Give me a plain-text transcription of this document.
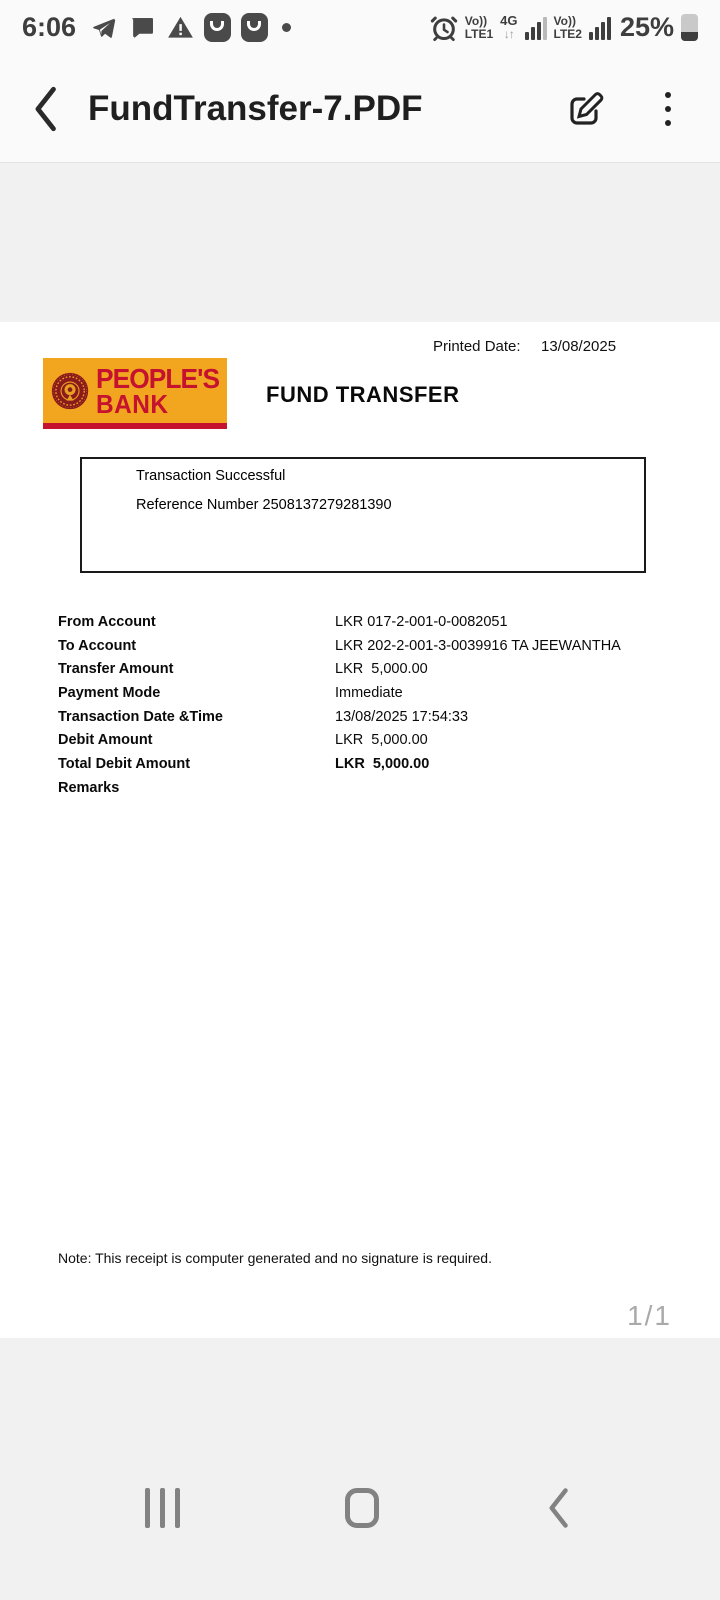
6:06	Vo))
LTE1
4G
↓↑
Vo))
LTE2 25%
FundTransfer-7.PDF
Printed Date: 13/08/2025
PEOPLE'S
BANK	FUND TRANSFER
Transaction Successful
Reference Number 2508137279281390
From Account	LKR 017-2-001-0-0082051
To Account	LKR 202-2-001-3-0039916 TA JEEWANTHA
Transfer Amount	LKR  5,000.00
Payment Mode	Immediate
Transaction Date &Time	13/08/2025 17:54:33
Debit Amount	LKR  5,000.00
Total Debit Amount	LKR  5,000.00
Remarks
Note: This receipt is computer generated and no signature is required.
1/1
